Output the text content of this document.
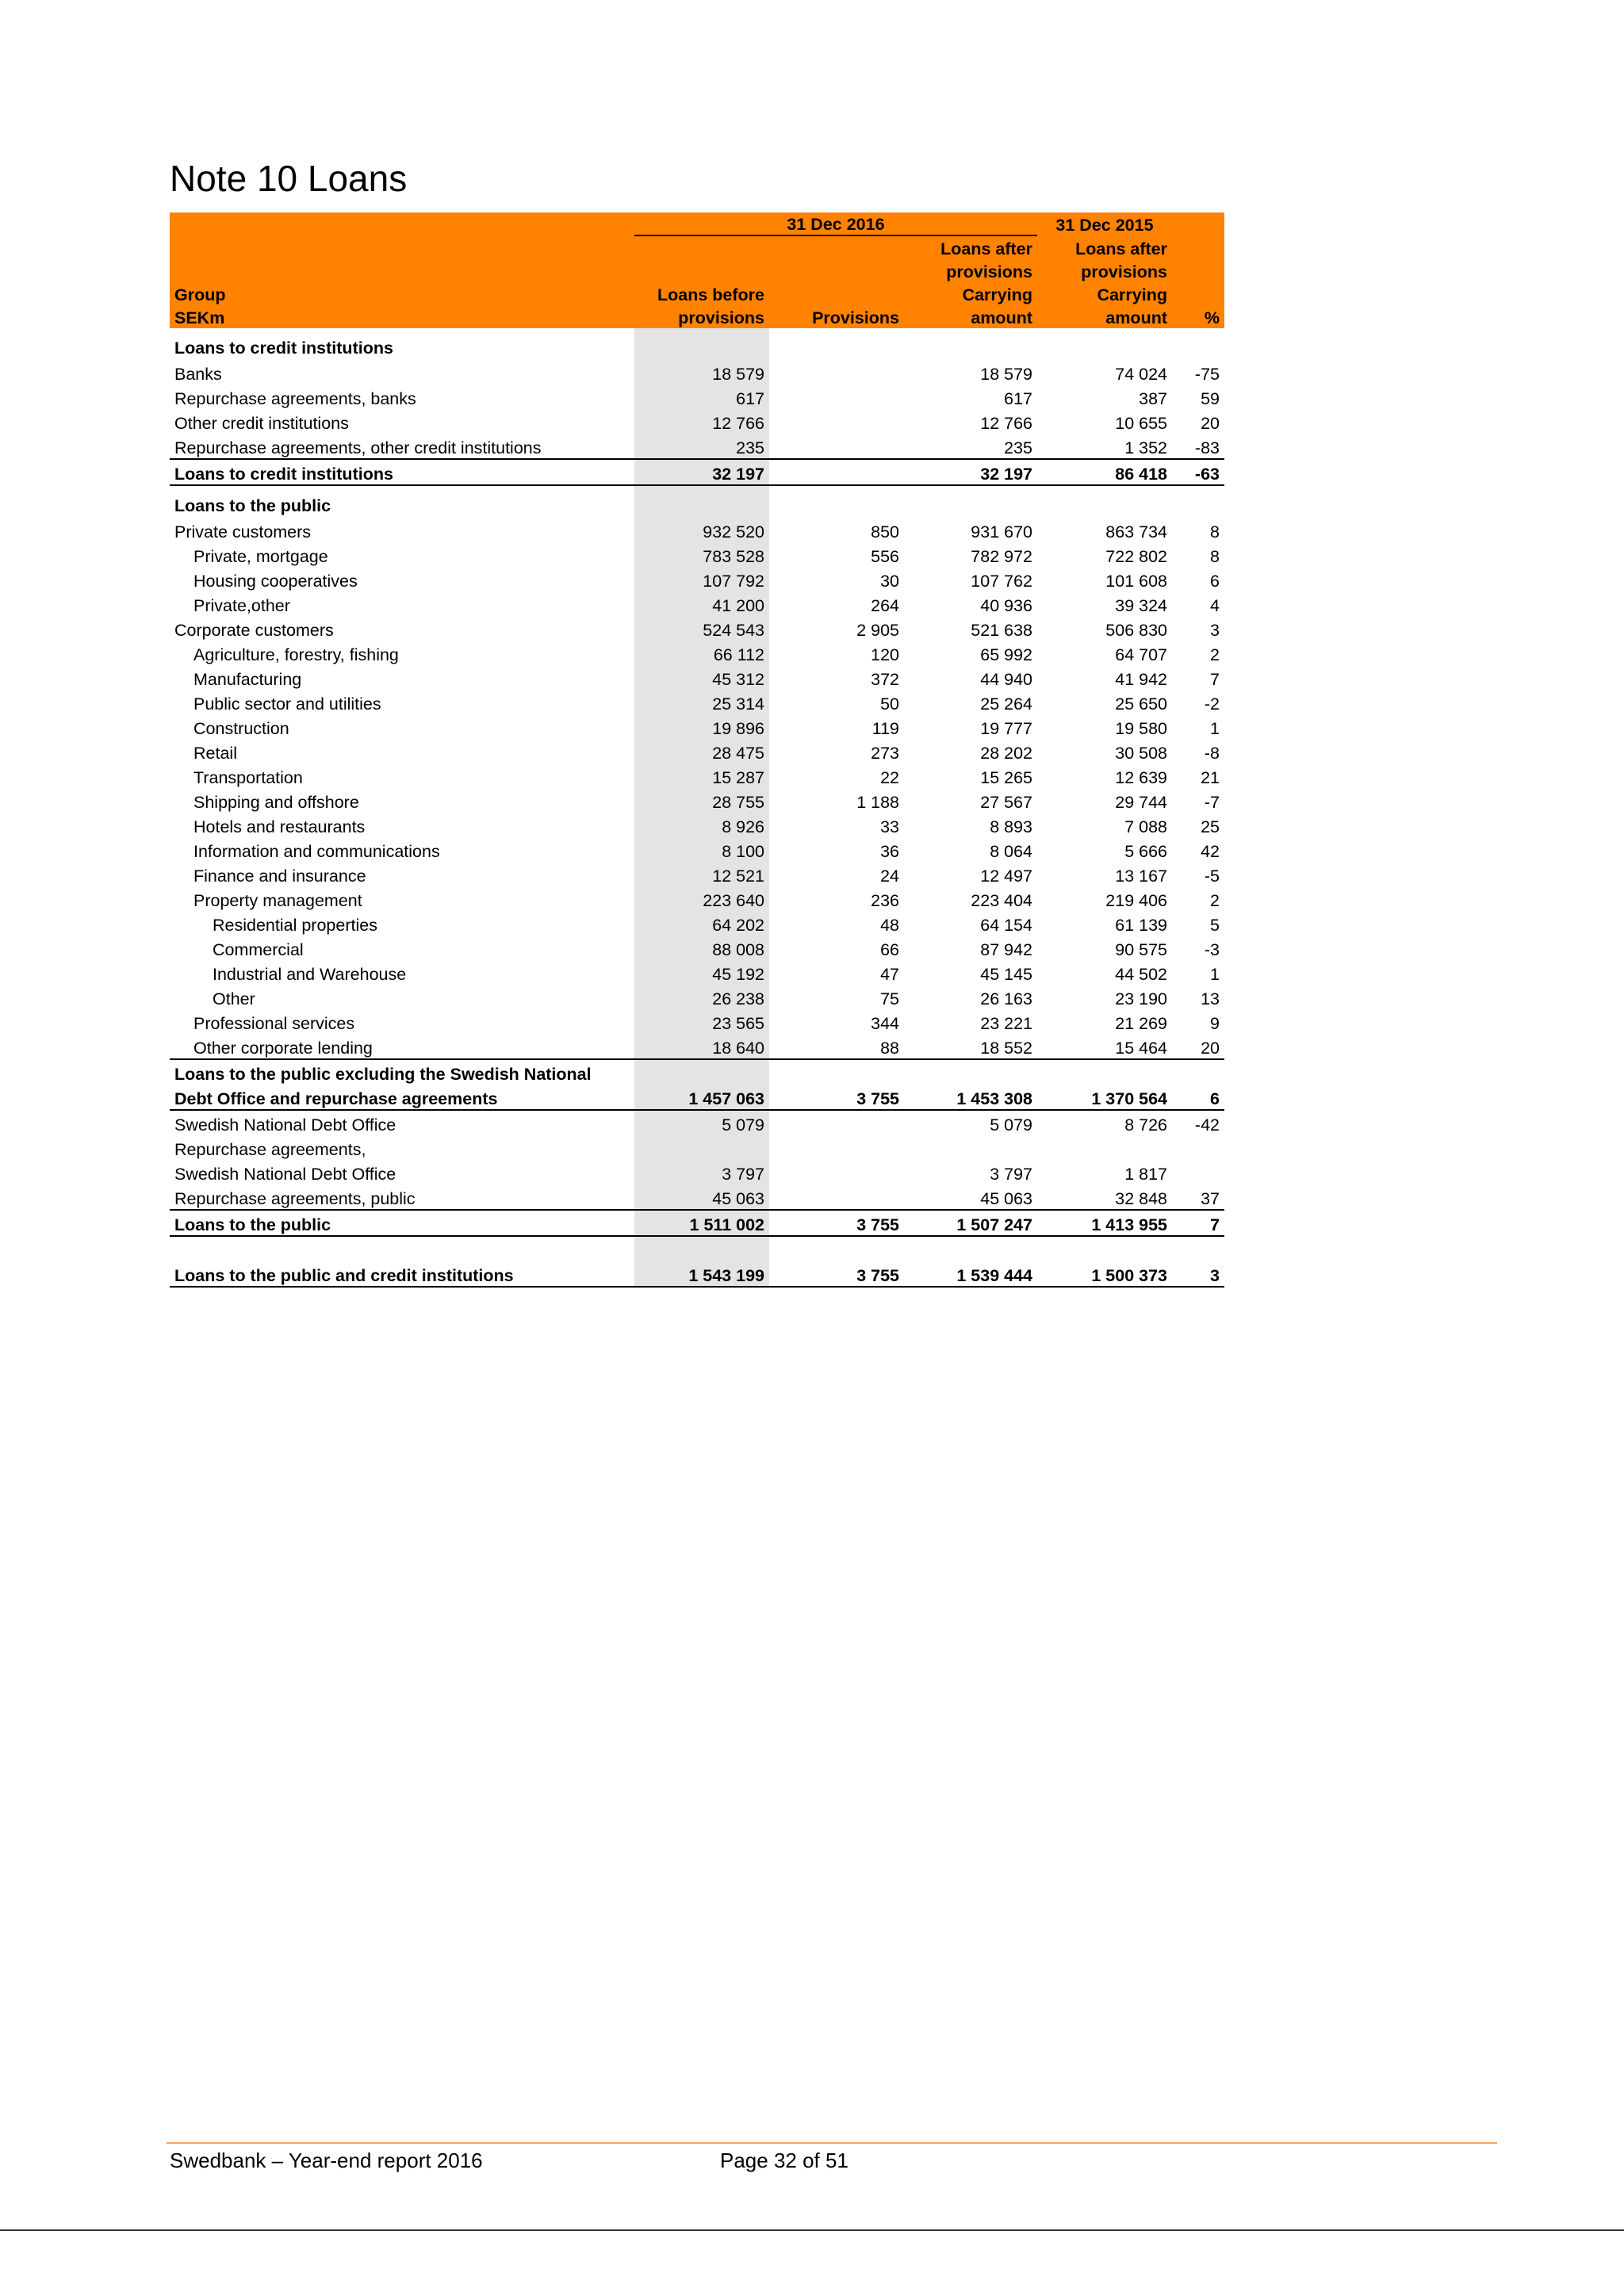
Note 10 Loans
	31 Dec 2016			31 Dec 2015	
			Loans after	Loans after	
			provisions	provisions	
Group	Loans before		Carrying	Carrying	
SEKm	provisions	Provisions	amount	amount	%
Loans to credit institutions					
Banks	18 579		18 579	74 024	-75
Repurchase agreements, banks	617		617	387	59
Other credit institutions	12 766		12 766	10 655	20
Repurchase agreements, other credit institutions	235		235	1 352	-83
Loans to credit institutions	32 197		32 197	86 418	-63
Loans to the public					
Private customers	932 520	850	931 670	863 734	8
Private, mortgage	783 528	556	782 972	722 802	8
Housing cooperatives	107 792	30	107 762	101 608	6
Private,other	41 200	264	40 936	39 324	4
Corporate customers	524 543	2 905	521 638	506 830	3
Agriculture, forestry, fishing	66 112	120	65 992	64 707	2
Manufacturing	45 312	372	44 940	41 942	7
Public sector and utilities	25 314	50	25 264	25 650	-2
Construction	19 896	119	19 777	19 580	1
Retail	28 475	273	28 202	30 508	-8
Transportation	15 287	22	15 265	12 639	21
Shipping and offshore	28 755	1 188	27 567	29 744	-7
Hotels and restaurants	8 926	33	8 893	7 088	25
Information and communications	8 100	36	8 064	5 666	42
Finance and insurance	12 521	24	12 497	13 167	-5
Property management	223 640	236	223 404	219 406	2
Residential properties	64 202	48	64 154	61 139	5
Commercial	88 008	66	87 942	90 575	-3
Industrial and Warehouse	45 192	47	45 145	44 502	1
Other	26 238	75	26 163	23 190	13
Professional services	23 565	344	23 221	21 269	9
Other corporate lending	18 640	88	18 552	15 464	20
Loans to the public excluding the Swedish National					
Debt Office and repurchase agreements	1 457 063	3 755	1 453 308	1 370 564	6
Swedish National Debt Office	5 079		5 079	8 726	-42
Repurchase agreements,					
Swedish National Debt Office	3 797		3 797	1 817	
Repurchase agreements, public	45 063		45 063	32 848	37
Loans to the public	1 511 002	3 755	1 507 247	1 413 955	7

Loans to the public and credit institutions	1 543 199	3 755	1 539 444	1 500 373	3
Swedbank – Year-end report 2016	Page 32 of 51
